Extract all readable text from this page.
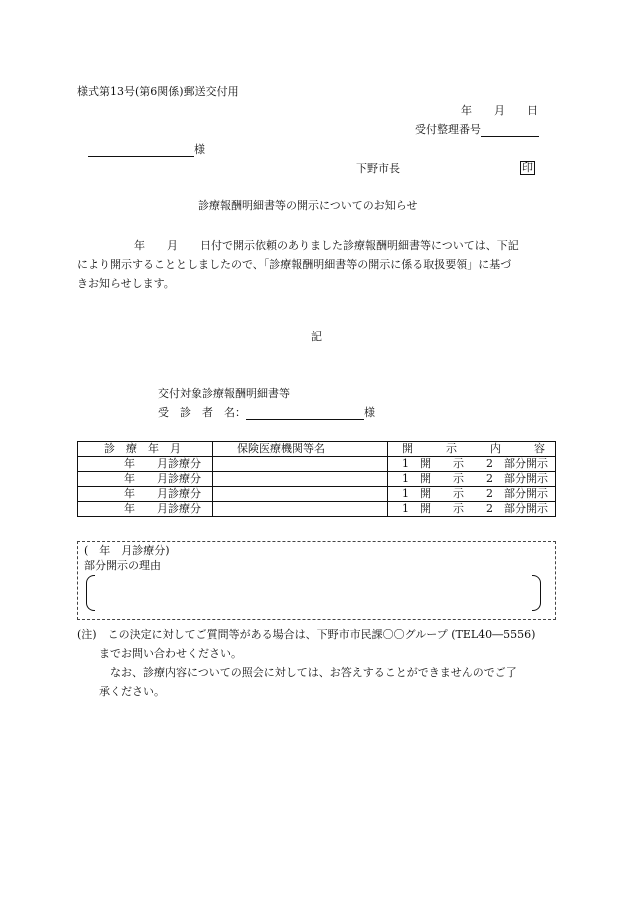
様式第13号(第6関係)郵送交付用
年 月 日
受付整理番号
様
下野市長	印
診療報酬明細書等の開示についてのお知らせ
年　　月　　日付で開示依頼のありました診療報酬明細書等については、下記
により開示することとしましたので、「診療報酬明細書等の開示に係る取扱要領」に基づ
きお知らせします。
記
交付対象診療報酬明細書等
受　診　者　名：	様
診　療　年　月	保険医療機関等名	開　　　示　　　内　　　容
年　　月診療分		1　開　　示　　2　部分開示
年　　月診療分		1　開　　示　　2　部分開示
年　　月診療分		1　開　　示　　2　部分開示
年　　月診療分		1　開　　示　　2　部分開示
(　年　月診療分)
部分開示の理由
(注)　この決定に対してご質問等がある場合は、下野市市民課〇〇グループ (TEL40―5556)
までお問い合わせください。
なお、診療内容についての照会に対しては、お答えすることができませんのでご了
承ください。
